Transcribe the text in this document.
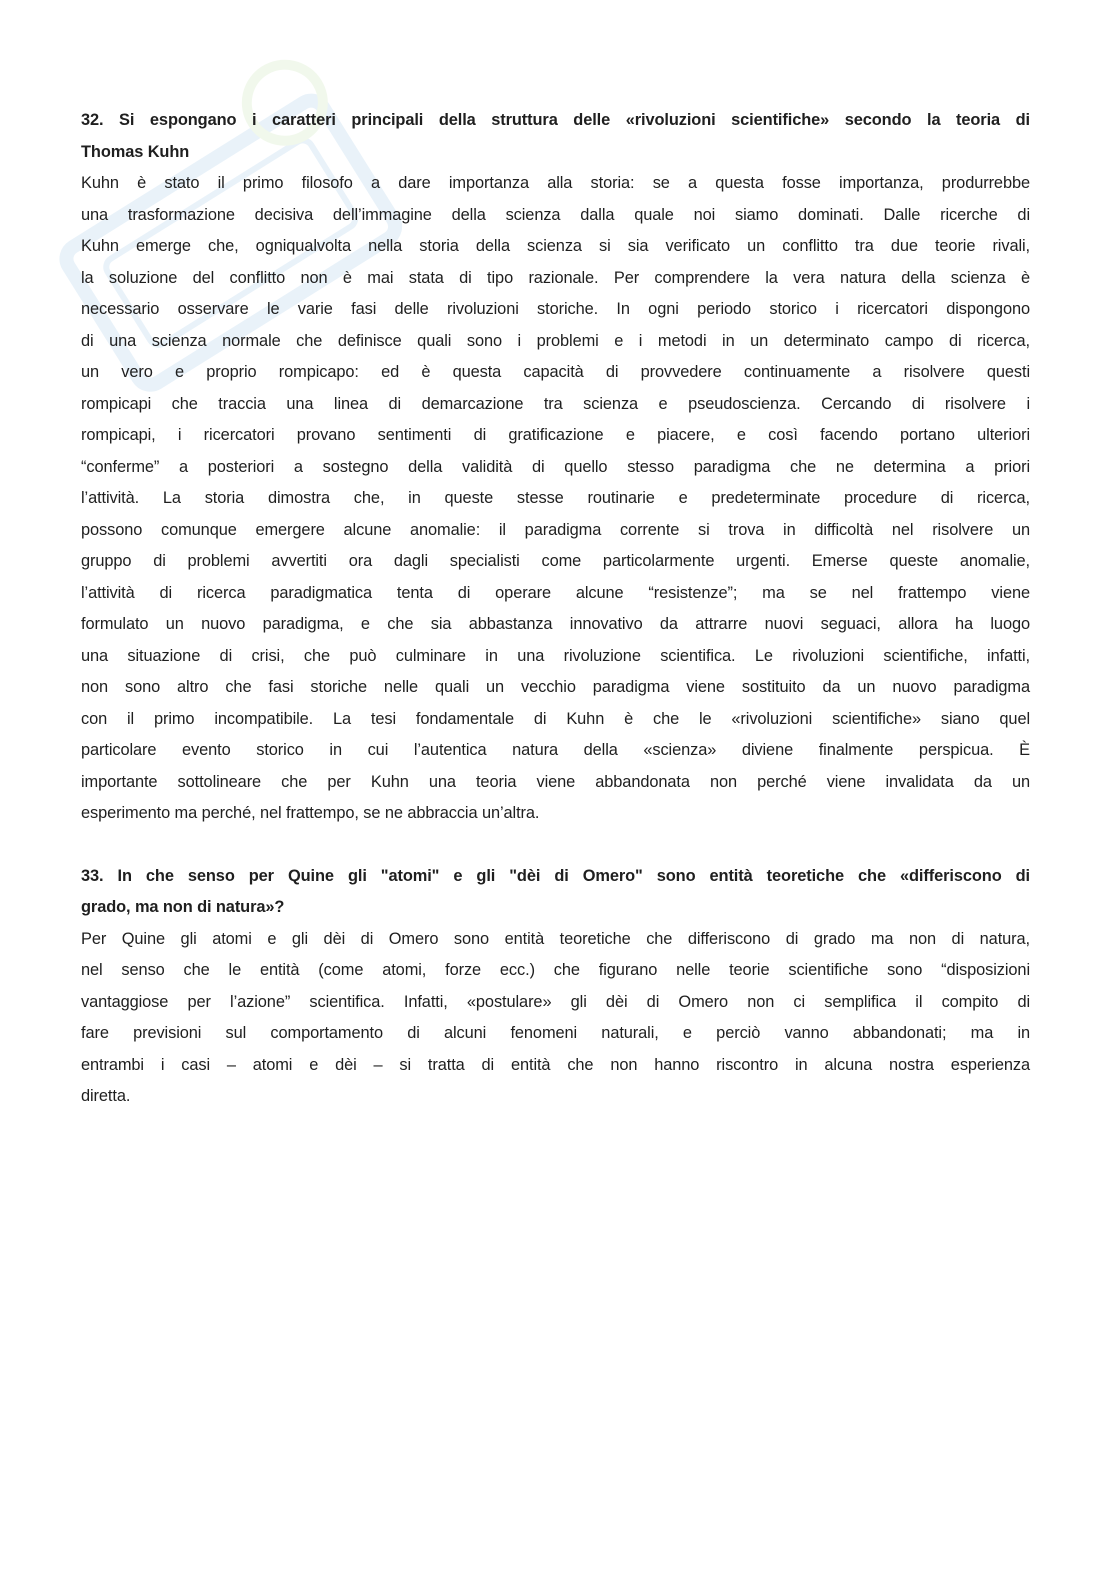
32. Si espongano i caratteri principali della struttura delle «rivoluzioni scientifiche» secondo la teoria di
Thomas Kuhn
Kuhn è stato il primo filosofo a dare importanza alla storia: se a questa fosse importanza, produrrebbe
una trasformazione decisiva dell’immagine della scienza dalla quale noi siamo dominati. Dalle ricerche di
Kuhn emerge che, ogniqualvolta nella storia della scienza si sia verificato un conflitto tra due teorie rivali,
la soluzione del conflitto non è mai stata di tipo razionale. Per comprendere la vera natura della scienza è
necessario osservare le varie fasi delle rivoluzioni storiche. In ogni periodo storico i ricercatori dispongono
di una scienza normale che definisce quali sono i problemi e i metodi in un determinato campo di ricerca,
un vero e proprio rompicapo: ed è questa capacità di provvedere continuamente a risolvere questi
rompicapi che traccia una linea di demarcazione tra scienza e pseudoscienza. Cercando di risolvere i
rompicapi, i ricercatori provano sentimenti di gratificazione e piacere, e così facendo portano ulteriori
“conferme” a posteriori a sostegno della validità di quello stesso paradigma che ne determina a priori
l’attività. La storia dimostra che, in queste stesse routinarie e predeterminate procedure di ricerca,
possono comunque emergere alcune anomalie: il paradigma corrente si trova in difficoltà nel risolvere un
gruppo di problemi avvertiti ora dagli specialisti come particolarmente urgenti. Emerse queste anomalie,
l’attività di ricerca paradigmatica tenta di operare alcune “resistenze”; ma se nel frattempo viene
formulato un nuovo paradigma, e che sia abbastanza innovativo da attrarre nuovi seguaci, allora ha luogo
una situazione di crisi, che può culminare in una rivoluzione scientifica. Le rivoluzioni scientifiche, infatti,
non sono altro che fasi storiche nelle quali un vecchio paradigma viene sostituito da un nuovo paradigma
con il primo incompatibile. La tesi fondamentale di Kuhn è che le «rivoluzioni scientifiche» siano quel
particolare evento storico in cui l’autentica natura della «scienza» diviene finalmente perspicua. È
importante sottolineare che per Kuhn una teoria viene abbandonata non perché viene invalidata da un
esperimento ma perché, nel frattempo, se ne abbraccia un’altra.
33. In che senso per Quine gli "atomi" e gli "dèi di Omero" sono entità teoretiche che «differiscono di
grado, ma non di natura»?
Per Quine gli atomi e gli dèi di Omero sono entità teoretiche che differiscono di grado ma non di natura,
nel senso che le entità (come atomi, forze ecc.) che figurano nelle teorie scientifiche sono “disposizioni
vantaggiose per l’azione” scientifica. Infatti, «postulare» gli dèi di Omero non ci semplifica il compito di
fare previsioni sul comportamento di alcuni fenomeni naturali, e perciò vanno abbandonati; ma in
entrambi i casi – atomi e dèi – si tratta di entità che non hanno riscontro in alcuna nostra esperienza
diretta.
